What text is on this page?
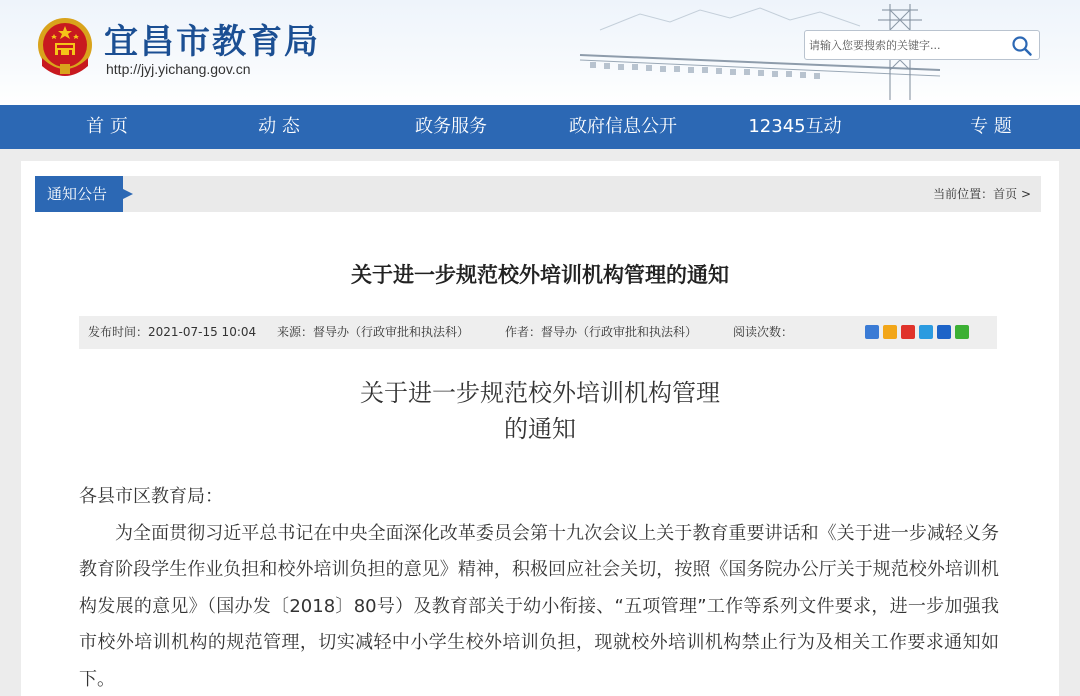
宜昌市教育局
http://jyj.yichang.gov.cn
请输入您要搜索的关键字...
首 页	动 态	政务服务	政府信息公开	12345互动	专 题
通知公告	当前位置：首页 >
关于进一步规范校外培训机构管理的通知
发布时间：2021-07-15 10:04 来源：督导办（行政审批和执法科）	作者：督导办（行政审批和执法科）	阅读次数：
关于进一步规范校外培训机构管理
的通知
各县市区教育局：
为全面贯彻习近平总书记在中央全面深化改革委员会第十九次会议上关于教育重要讲话和《关于进一步减轻义务教育阶段学生作业负担和校外培训负担的意见》精神，积极回应社会关切，按照《国务院办公厅关于规范校外培训机构发展的意见》（国办发〔2018〕80号）及教育部关于幼小衔接、“五项管理”工作等系列文件要求，进一步加强我市校外培训机构的规范管理，切实减轻中小学生校外培训负担，现就校外培训机构禁止行为及相关工作要求通知如下。
